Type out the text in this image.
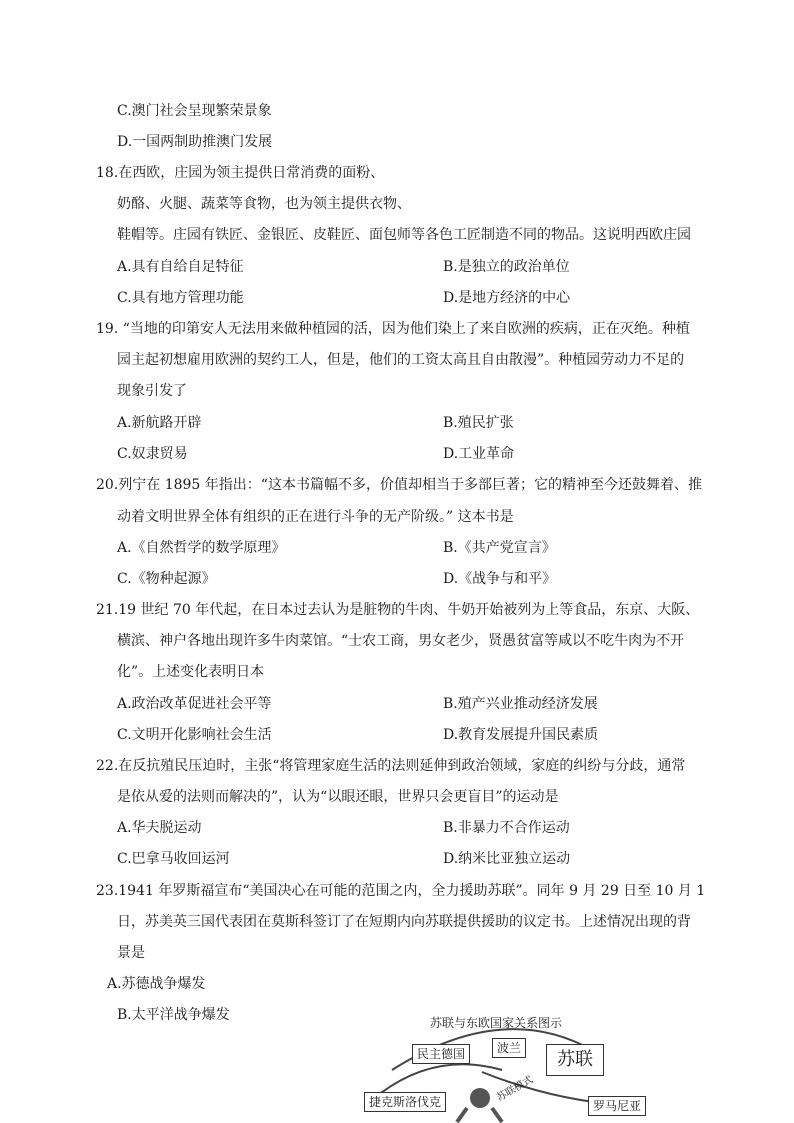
C.澳门社会呈现繁荣景象
D.一国两制助推澳门发展
18.在西欧，庄园为领主提供日常消费的面粉、
奶酪、火腿、蔬菜等食物，也为领主提供衣物、
鞋帽等。庄园有铁匠、金银匠、皮鞋匠、面包师等各色工匠制造不同的物品。这说明西欧庄园
A.具有自给自足特征	B.是独立的政治单位
C.具有地方管理功能	D.是地方经济的中心
19. “当地的印第安人无法用来做种植园的活，因为他们染上了来自欧洲的疾病，正在灭绝。种植
园主起初想雇用欧洲的契约工人，但是，他们的工资太高且自由散漫”。种植园劳动力不足的
现象引发了
A.新航路开辟	B.殖民扩张
C.奴隶贸易	D.工业革命
20.列宁在 1895 年指出：“这本书篇幅不多，价值却相当于多部巨著；它的精神至今还鼓舞着、推
动着文明世界全体有组织的正在进行斗争的无产阶级。” 这本书是
A.《自然哲学的数学原理》	B.《共产党宣言》
C.《物种起源》	D.《战争与和平》
21.19 世纪 70 年代起，在日本过去认为是脏物的牛肉、牛奶开始被列为上等食品，东京、大阪、
横滨、神户各地出现许多牛肉菜馆。“士农工商，男女老少，贤愚贫富等咸以不吃牛肉为不开
化”。上述变化表明日本
A.政治改革促进社会平等	B.殖产兴业推动经济发展
C.文明开化影响社会生活	D.教育发展提升国民素质
22.在反抗殖民压迫时，主张“将管理家庭生活的法则延伸到政治领域，家庭的纠纷与分歧，通常
是依从爱的法则而解决的”，认为“以眼还眼，世界只会更盲目”的运动是
A.华夫脱运动	B.非暴力不合作运动
C.巴拿马收回运河	D.纳米比亚独立运动
23.1941 年罗斯福宣布“美国决心在可能的范围之内，全力援助苏联”。同年 9 月 29 日至 10 月 1
日，苏美英三国代表团在莫斯科签订了在短期内向苏联提供援助的议定书。上述情况出现的背
景是
A.苏德战争爆发
B.太平洋战争爆发	苏联与东欧国家关系图示
民主德国	波兰
苏联
捷克斯洛伐克	罗马尼亚
苏联模式
